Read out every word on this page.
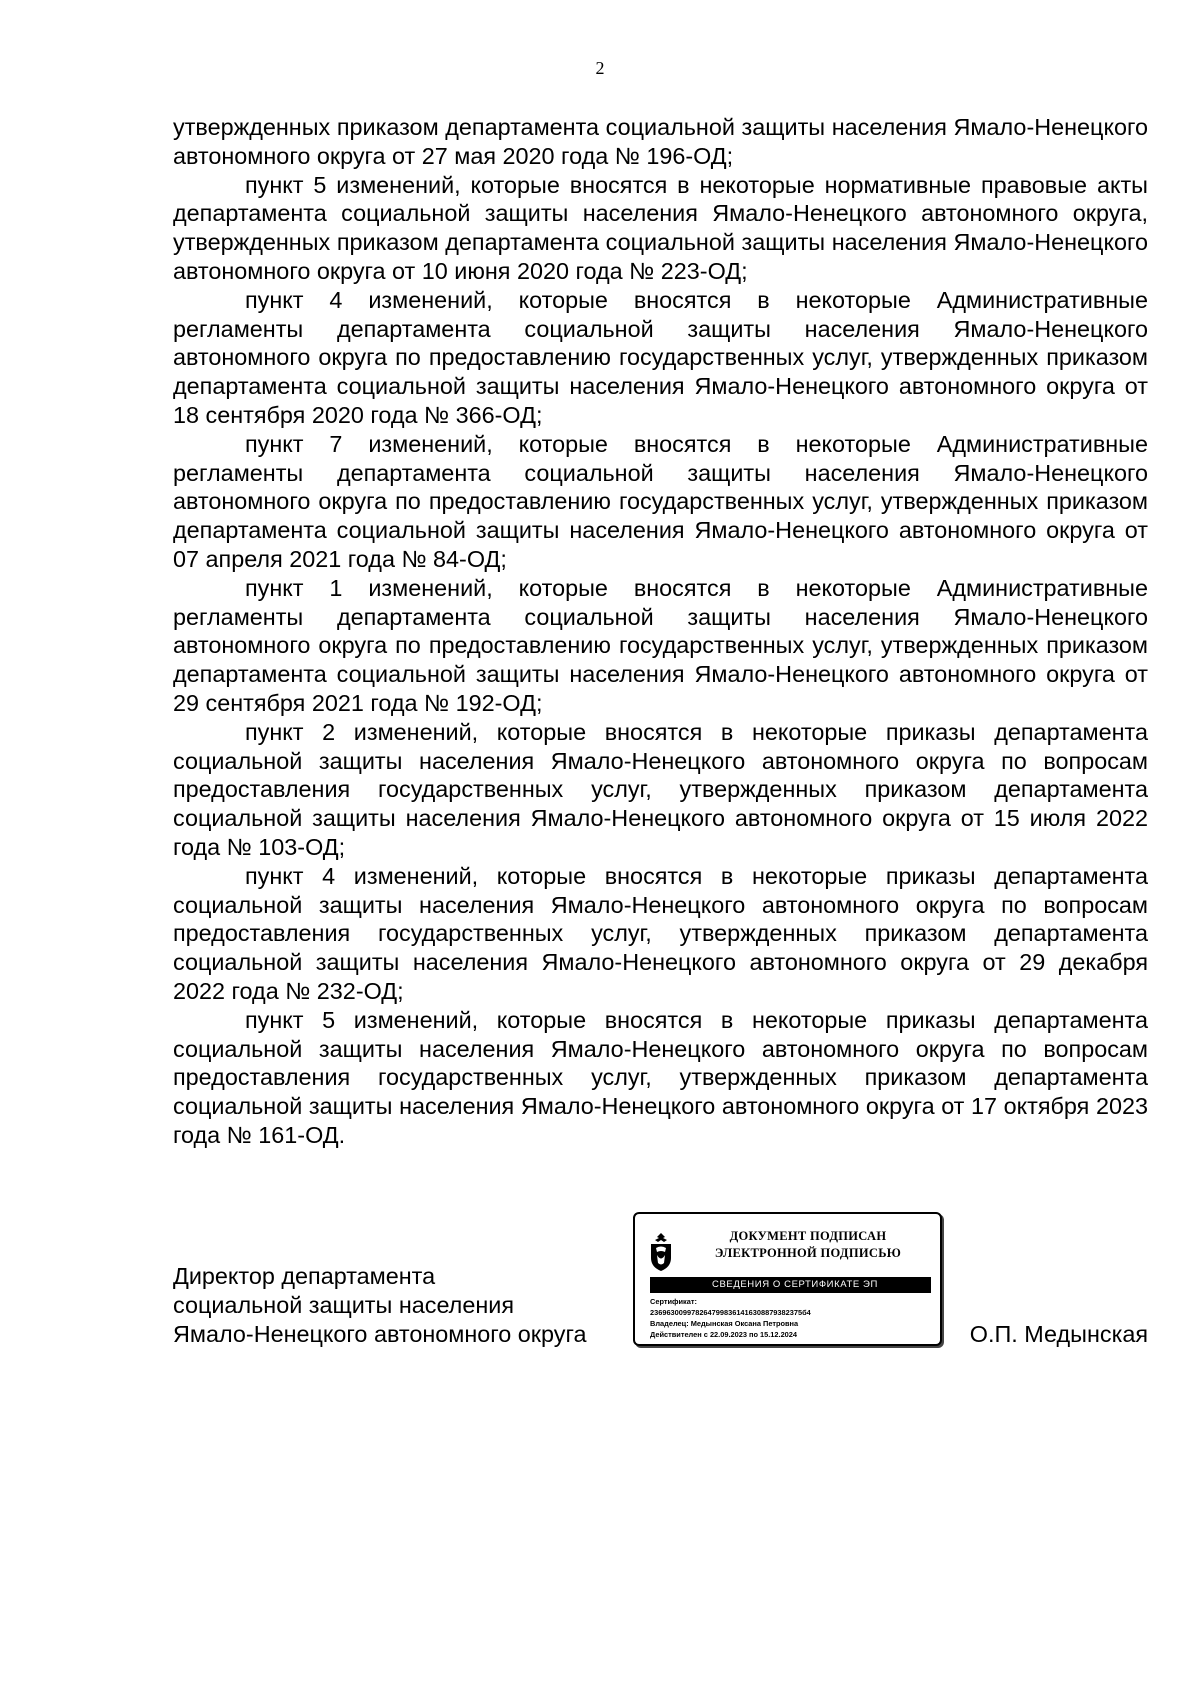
2

утвержденных приказом департамента социальной защиты населения Ямало-Ненецкого автономного округа от 27 мая 2020 года № 196-ОД;

пункт 5 изменений, которые вносятся в некоторые нормативные правовые акты департамента социальной защиты населения Ямало-Ненецкого автономного округа, утвержденных приказом департамента социальной защиты населения Ямало-Ненецкого автономного округа от 10 июня 2020 года № 223-ОД;

пункт 4 изменений, которые вносятся в некоторые Административные регламенты департамента социальной защиты населения Ямало-Ненецкого автономного округа по предоставлению государственных услуг, утвержденных приказом департамента социальной защиты населения Ямало-Ненецкого автономного округа от 18 сентября 2020 года № 366-ОД;

пункт 7 изменений, которые вносятся в некоторые Административные регламенты департамента социальной защиты населения Ямало-Ненецкого автономного округа по предоставлению государственных услуг, утвержденных приказом департамента социальной защиты населения Ямало-Ненецкого автономного округа от 07 апреля 2021 года № 84-ОД;

пункт 1 изменений, которые вносятся в некоторые Административные регламенты департамента социальной защиты населения Ямало-Ненецкого автономного округа по предоставлению государственных услуг, утвержденных приказом департамента социальной защиты населения Ямало-Ненецкого автономного округа от 29 сентября 2021 года № 192-ОД;

пункт 2 изменений, которые вносятся в некоторые приказы департамента социальной защиты населения Ямало-Ненецкого автономного округа по вопросам предоставления государственных услуг, утвержденных приказом департамента социальной защиты населения Ямало-Ненецкого автономного округа от 15 июля 2022 года № 103-ОД;

пункт 4 изменений, которые вносятся в некоторые приказы департамента социальной защиты населения Ямало-Ненецкого автономного округа по вопросам предоставления государственных услуг, утвержденных приказом департамента социальной защиты населения Ямало-Ненецкого автономного округа от 29 декабря 2022 года № 232-ОД;

пункт 5 изменений, которые вносятся в некоторые приказы департамента социальной защиты населения Ямало-Ненецкого автономного округа по вопросам предоставления государственных услуг, утвержденных приказом департамента социальной защиты населения Ямало-Ненецкого автономного округа от 17 октября 2023 года № 161-ОД.

Директор департамента
социальной защиты населения
Ямало-Ненецкого автономного округа	О.П. Медынская
ДОКУМЕНТ ПОДПИСАН
ЭЛЕКТРОННОЙ ПОДПИСЬЮ
СВЕДЕНИЯ О СЕРТИФИКАТЕ ЭП
Сертификат:
2369630099782647998361416308879382375б4
Владелец: Медынская Оксана Петровна
Действителен с 22.09.2023 по 15.12.2024
